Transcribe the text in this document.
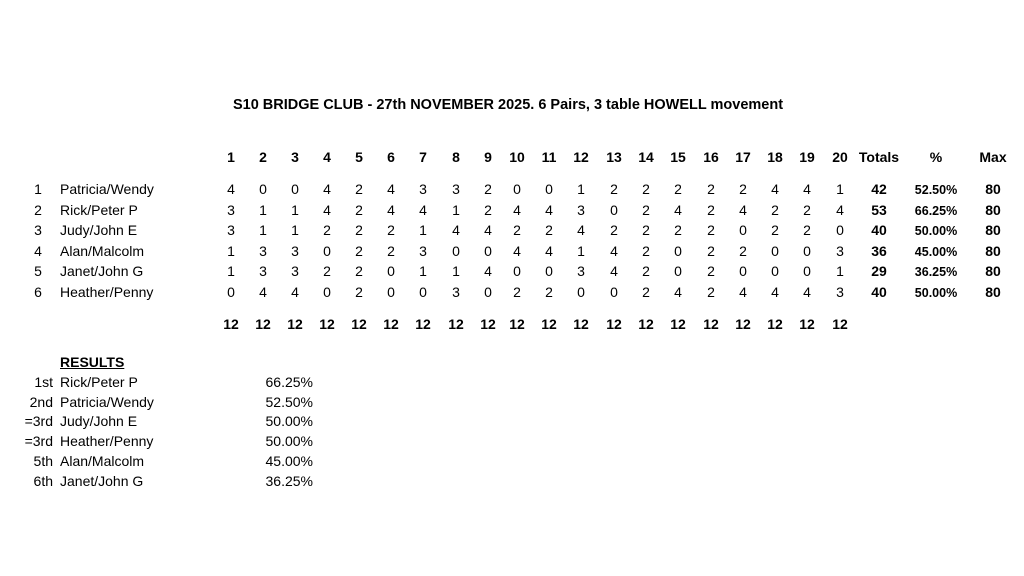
S10 BRIDGE CLUB - 27th NOVEMBER 2025. 6 Pairs, 3 table HOWELL movement
1 2 3 4 5 6 7 8 9 10 11 12 13 14 15 16 17 18 19 20 Totals %	Max
1 Patricia/Wendy	4 0 0 4 2 4 3 3 2 0 0 1 2 2 2 2 2 4 4 1 42 52.50% 80
2 Rick/Peter P	3 1 1 4 2 4 4 1 2 4 4 3 0 2 4 2 4 2 2 4 53 66.25% 80
3 Judy/John E	3 1 1 2 2 2 1 4 4 2 2 4 2 2 2 2 0 2 2 0 40 50.00% 80
4 Alan/Malcolm	1 3 3 0 2 2 3 0 0 4 4 1 4 2 0 2 2 0 0 3 36 45.00% 80
5 Janet/John G	1 3 3 2 2 0 1 1 4 0 0 3 4 2 0 2 0 0 0 1 29 36.25% 80
6 Heather/Penny	0 4 4 0 2 0 0 3 0 2 2 0 0 2 4 2 4 4 4 3 40 50.00% 80
12 12 12 12 12 12 12 12 12 12 12 12 12 12 12 12 12 12 12 12
RESULTS
1st Rick/Peter P	66.25%
2nd Patricia/Wendy	52.50%
=3rd Judy/John E	50.00%
=3rd Heather/Penny	50.00%
5th Alan/Malcolm	45.00%
6th Janet/John G	36.25%
